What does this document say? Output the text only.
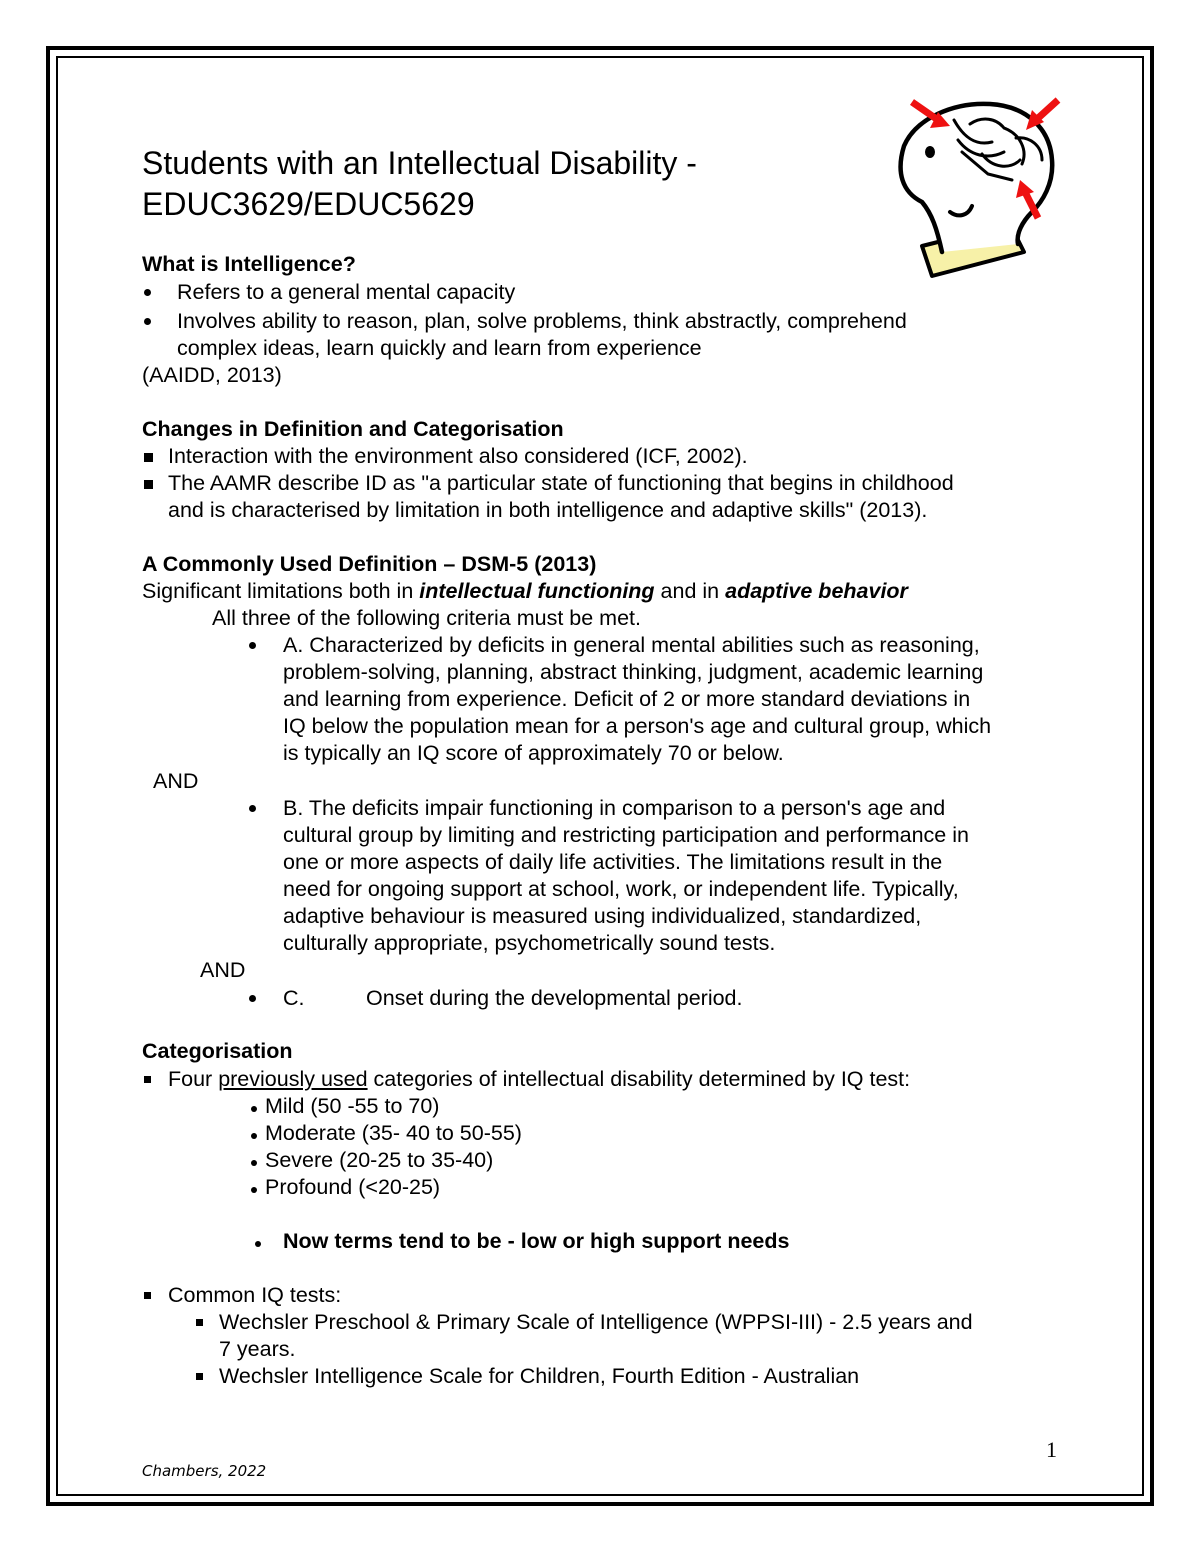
Students with an Intellectual Disability -
EDUC3629/EDUC5629
What is Intelligence?
Refers to a general mental capacity
Involves ability to reason, plan, solve problems, think abstractly, comprehend
complex ideas, learn quickly and learn from experience
(AAIDD, 2013)
Changes in Definition and Categorisation
Interaction with the environment also considered (ICF, 2002).
The AAMR describe ID as "a particular state of functioning that begins in childhood
and is characterised by limitation in both intelligence and adaptive skills" (2013).
A Commonly Used Definition – DSM-5 (2013)
Significant limitations both in intellectual functioning and in adaptive behavior
All three of the following criteria must be met.
A. Characterized by deficits in general mental abilities such as reasoning,
problem-solving, planning, abstract thinking, judgment, academic learning
and learning from experience. Deficit of 2 or more standard deviations in
IQ below the population mean for a person's age and cultural group, which
is typically an IQ score of approximately 70 or below.
AND
B. The deficits impair functioning in comparison to a person's age and
cultural group by limiting and restricting participation and performance in
one or more aspects of daily life activities. The limitations result in the
need for ongoing support at school, work, or independent life. Typically,
adaptive behaviour is measured using individualized, standardized,
culturally appropriate, psychometrically sound tests.
AND
C.	Onset during the developmental period.
Categorisation
Four previously used categories of intellectual disability determined by IQ test:
Mild (50 -55 to 70)
Moderate (35- 40 to 50-55)
Severe (20-25 to 35-40)
Profound (<20-25)
Now terms tend to be - low or high support needs
Common IQ tests:
Wechsler Preschool & Primary Scale of Intelligence (WPPSI-III) - 2.5 years and
7 years.
Wechsler Intelligence Scale for Children, Fourth Edition - Australian
1
Chambers, 2022
